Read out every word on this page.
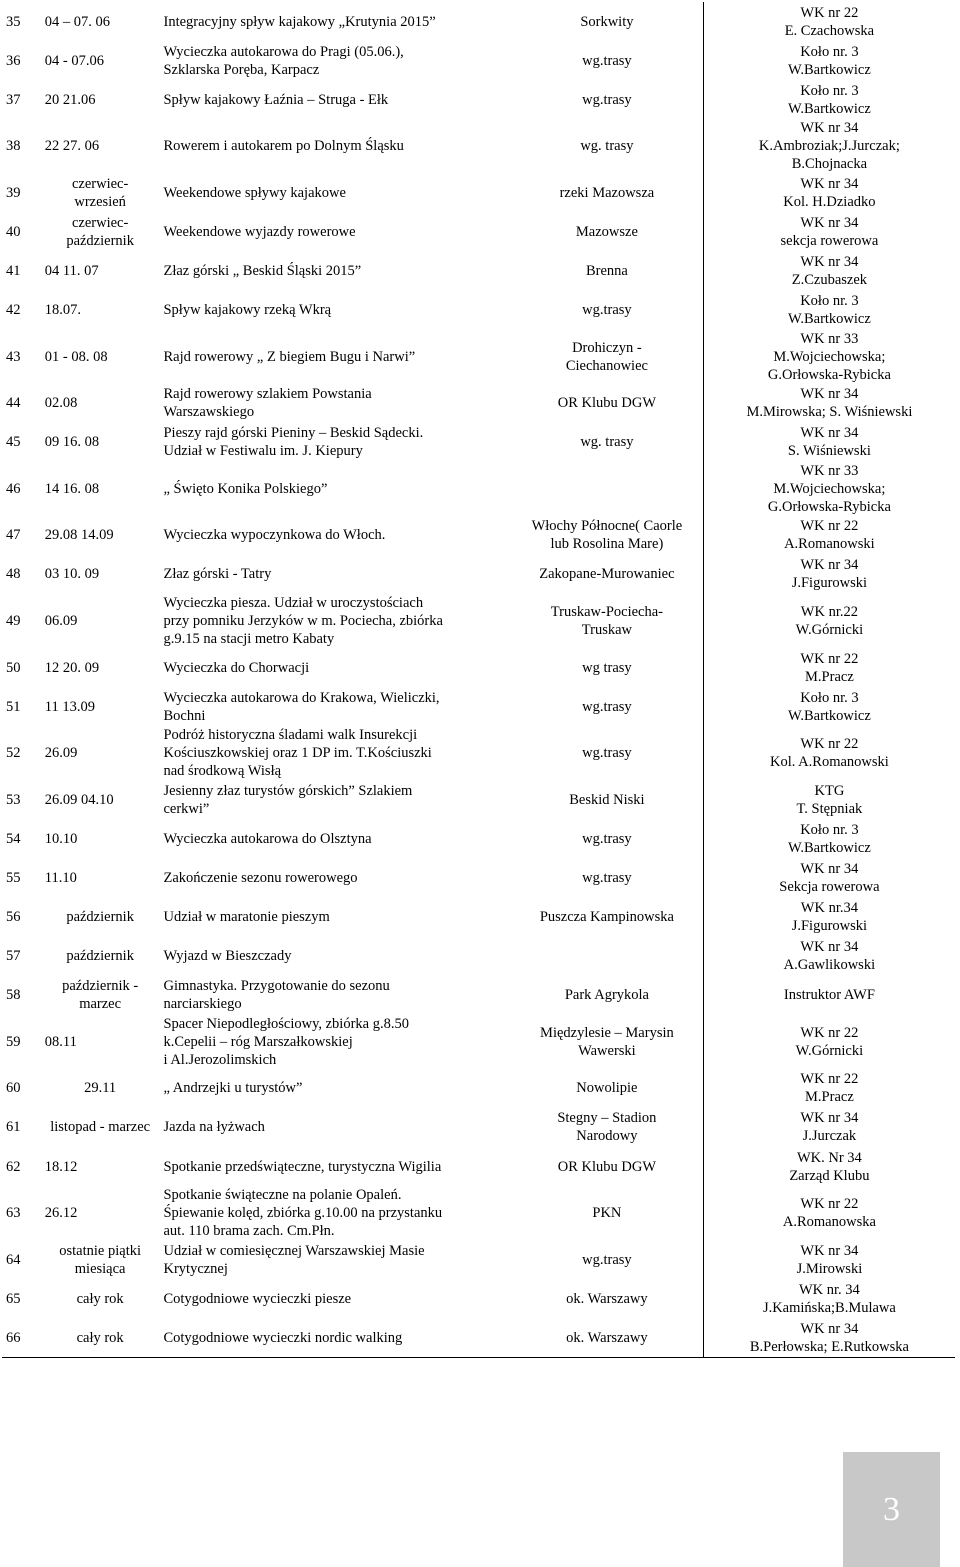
35	04 – 07. 06	Integracyjny spływ kajakowy „Krutynia 2015”	Sorkwity	WK nr 22
E. Czachowska

36	04 - 07.06	Wycieczka autokarowa do Pragi (05.06.),
Szklarska Poręba, Karpacz	wg.trasy	Koło nr. 3
W.Bartkowicz

37	20 21.06	Spływ kajakowy Łaźnia – Struga - Ełk	wg.trasy	Koło nr. 3
W.Bartkowicz

38	22 27. 06	Rowerem i autokarem po Dolnym Śląsku	wg. trasy	WK nr 34
K.Ambroziak;J.Jurczak;
B.Chojnacka

39	czerwiec-
wrzesień	Weekendowe spływy kajakowe	rzeki Mazowsza	WK nr 34
Kol. H.Dziadko

40	czerwiec-
październik	Weekendowe wyjazdy rowerowe	Mazowsze	WK nr 34
sekcja rowerowa

41	04 11. 07	Złaz górski „ Beskid Śląski 2015”	Brenna	WK nr 34
Z.Czubaszek

42	18.07.	Spływ kajakowy rzeką Wkrą	wg.trasy	Koło nr. 3
W.Bartkowicz

43	01 - 08. 08	Rajd rowerowy „ Z biegiem Bugu i Narwi”	Drohiczyn -
Ciechanowiec	WK nr 33
M.Wojciechowska;
G.Orłowska-Rybicka

44	02.08	Rajd rowerowy szlakiem Powstania
Warszawskiego	OR Klubu DGW	WK nr 34
M.Mirowska; S. Wiśniewski

45	09 16. 08	Pieszy rajd górski Pieniny – Beskid Sądecki.
Udział w Festiwalu im. J. Kiepury	wg. trasy	WK nr 34
S. Wiśniewski

46	14 16. 08	„ Święto Konika Polskiego”		WK nr 33
M.Wojciechowska;
G.Orłowska-Rybicka

47	29.08 14.09	Wycieczka wypoczynkowa do Włoch.	Włochy Północne( Caorle
lub Rosolina Mare)	WK nr 22
A.Romanowski

48	03 10. 09	Złaz górski - Tatry	Zakopane-Murowaniec	WK nr 34
J.Figurowski

49	06.09	Wycieczka piesza. Udział w uroczystościach
przy pomniku Jerzyków w m. Pociecha, zbiórka
g.9.15 na stacji metro Kabaty	Truskaw-Pociecha-
Truskaw	WK nr.22
W.Górnicki

50	12 20. 09	Wycieczka do Chorwacji	wg trasy	WK nr 22
M.Pracz

51	11 13.09	Wycieczka autokarowa do Krakowa, Wieliczki,
Bochni	wg.trasy	Koło nr. 3
W.Bartkowicz

52	26.09	Podróż historyczna śladami walk Insurekcji
Kościuszkowskiej oraz 1 DP im. T.Kościuszki
nad środkową Wisłą	wg.trasy	WK nr 22
Kol. A.Romanowski

53	26.09 04.10	Jesienny złaz turystów górskich” Szlakiem
cerkwi”	Beskid Niski	KTG
T. Stępniak

54	10.10	Wycieczka autokarowa do Olsztyna	wg.trasy	Koło nr. 3
W.Bartkowicz

55	11.10	Zakończenie sezonu rowerowego	wg.trasy	WK nr 34
Sekcja rowerowa

56	październik	Udział w maratonie pieszym	Puszcza Kampinowska	WK nr.34
J.Figurowski

57	październik	Wyjazd w Bieszczady		WK nr 34
A.Gawlikowski

58	październik -
marzec	Gimnastyka. Przygotowanie do sezonu
narciarskiego	Park Agrykola	Instruktor AWF

59	08.11	Spacer Niepodległościowy, zbiórka g.8.50
k.Cepelii – róg Marszałkowskiej
i Al.Jerozolimskich	Międzylesie – Marysin
Wawerski	WK nr 22
W.Górnicki

60	29.11	„ Andrzejki u turystów”	Nowolipie	WK nr 22
M.Pracz

61	listopad - marzec	Jazda na łyżwach	Stegny – Stadion
Narodowy	WK nr 34
J.Jurczak

62	18.12	Spotkanie przedświąteczne, turystyczna Wigilia	OR Klubu DGW	WK. Nr 34
Zarząd Klubu

63	26.12	Spotkanie świąteczne na polanie Opaleń.
Śpiewanie kolęd, zbiórka g.10.00 na przystanku
aut. 110 brama zach. Cm.Płn.	PKN	WK nr 22
A.Romanowska

64	ostatnie piątki
miesiąca	Udział w comiesięcznej Warszawskiej Masie
Krytycznej	wg.trasy	WK nr 34
J.Mirowski

65	cały rok	Cotygodniowe wycieczki piesze	ok. Warszawy	WK nr. 34
J.Kamińska;B.Mulawa

66	cały rok	Cotygodniowe wycieczki nordic walking	ok. Warszawy	WK nr 34
B.Perłowska; E.Rutkowska
3
